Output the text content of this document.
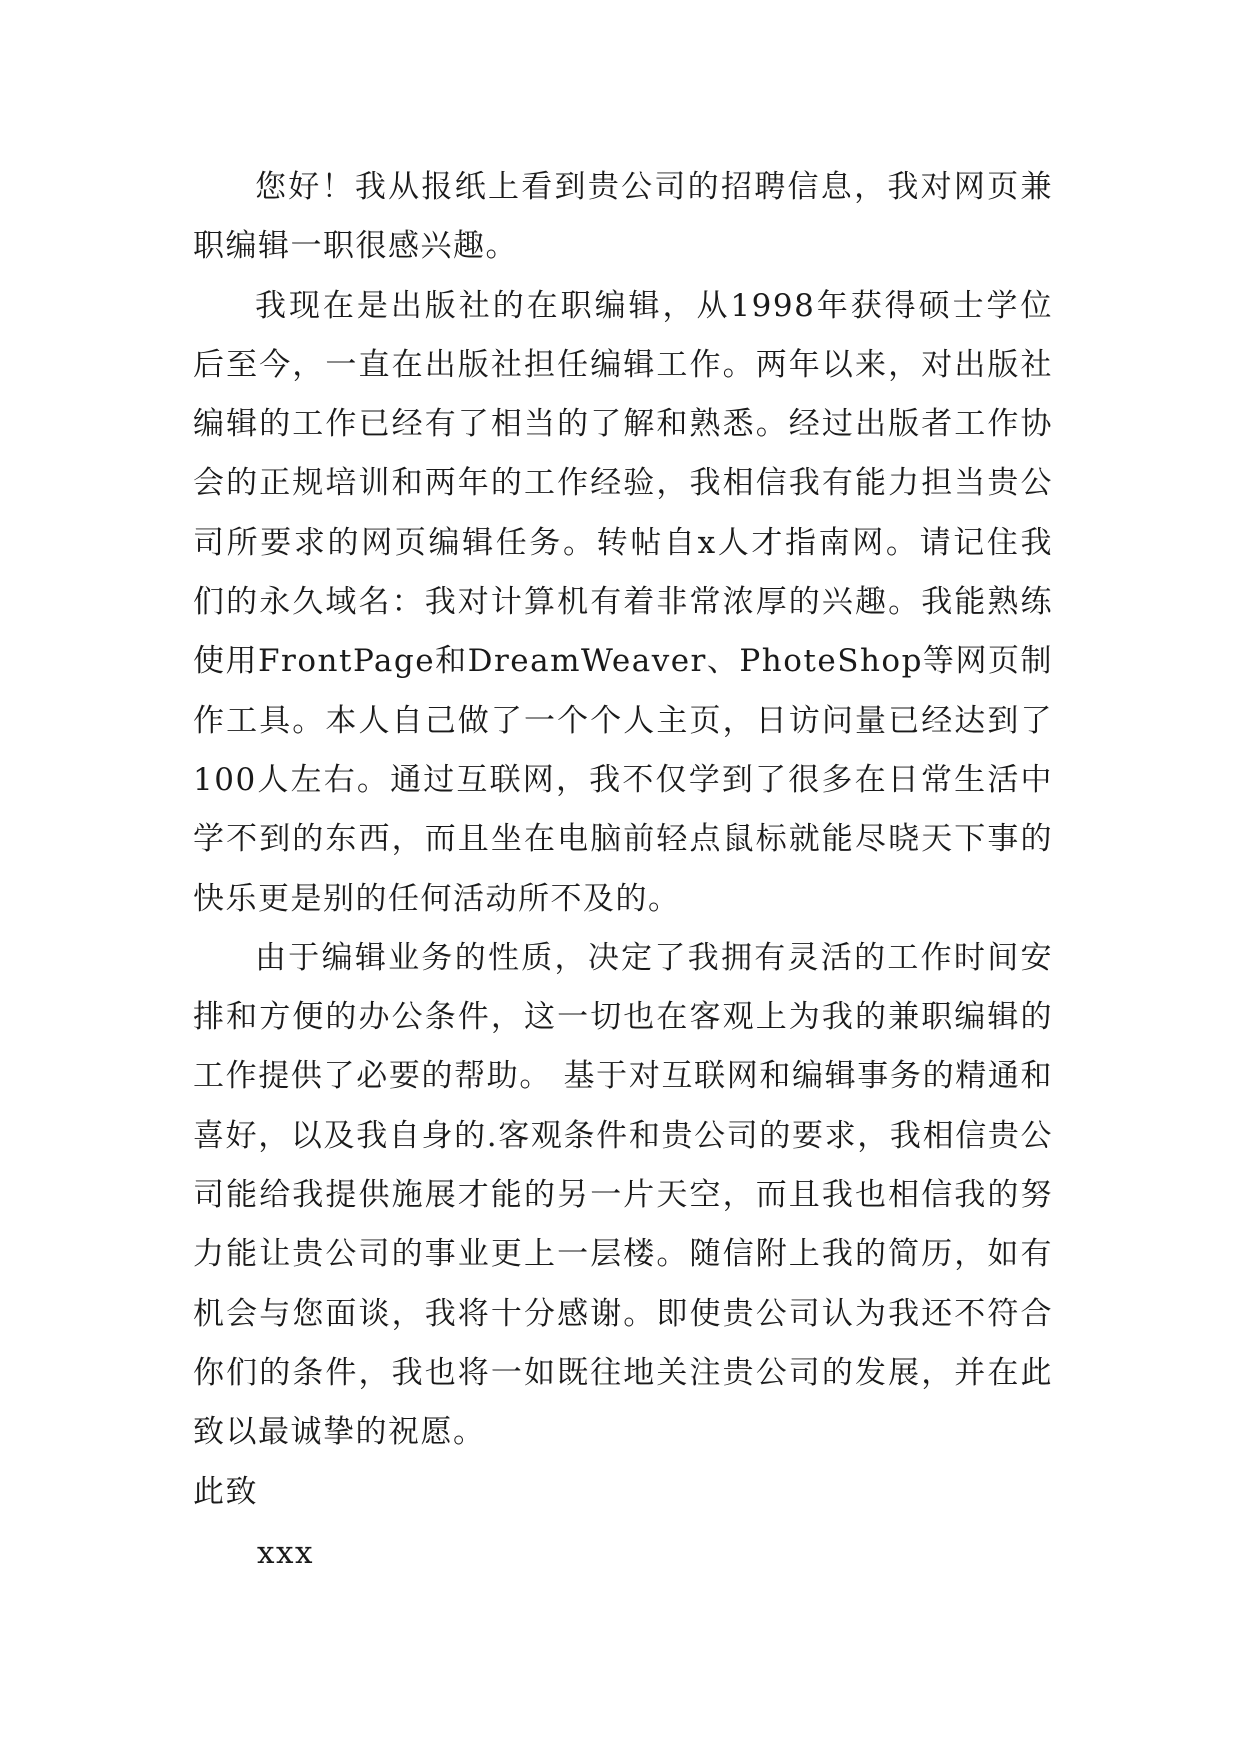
您好！我从报纸上看到贵公司的招聘信息，我对网页兼职编辑一职很感兴趣。

我现在是出版社的在职编辑，从1998年获得硕士学位后至今，一直在出版社担任编辑工作。两年以来，对出版社编辑的工作已经有了相当的了解和熟悉。经过出版者工作协会的正规培训和两年的工作经验，我相信我有能力担当贵公司所要求的网页编辑任务。转帖自x人才指南网。请记住我们的永久域名：我对计算机有着非常浓厚的兴趣。我能熟练使用FrontPage和DreamWeaver、PhoteShop等网页制作工具。本人自己做了一个个人主页，日访问量已经达到了100人左右。通过互联网，我不仅学到了很多在日常生活中学不到的东西，而且坐在电脑前轻点鼠标就能尽晓天下事的快乐更是别的任何活动所不及的。

由于编辑业务的性质，决定了我拥有灵活的工作时间安排和方便的办公条件，这一切也在客观上为我的兼职编辑的工作提供了必要的帮助。 基于对互联网和编辑事务的精通和喜好，以及我自身的.客观条件和贵公司的要求，我相信贵公司能给我提供施展才能的另一片天空，而且我也相信我的努力能让贵公司的事业更上一层楼。随信附上我的简历，如有机会与您面谈，我将十分感谢。即使贵公司认为我还不符合你们的条件，我也将一如既往地关注贵公司的发展，并在此致以最诚挚的祝愿。

此致

xxx
